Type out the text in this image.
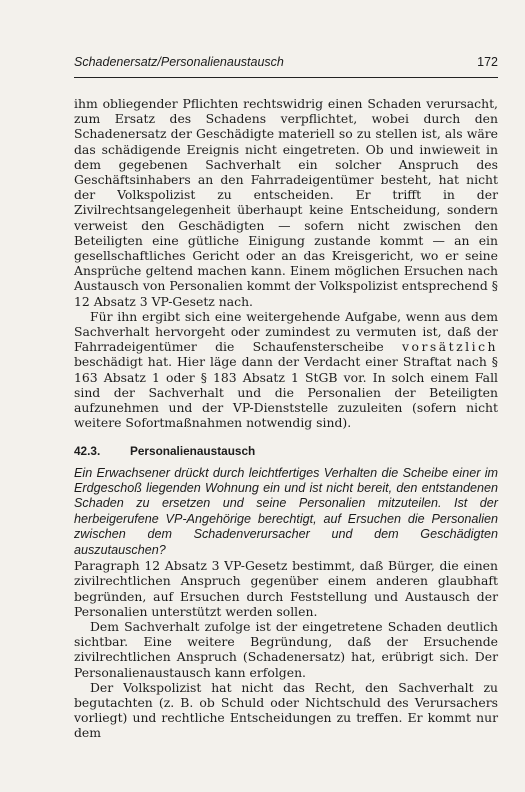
Schadenersatz/Personalienaustausch	172

ihm obliegender Pflichten rechtswidrig einen Schaden verursacht, zum Ersatz des Schadens verpflichtet, wobei durch den Schadenersatz der Geschädigte materiell so zu stellen ist, als wäre das schädigende Ereignis nicht eingetreten. Ob und inwieweit in dem gegebenen Sachverhalt ein solcher Anspruch des Geschäftsinhabers an den Fahrradeigentümer besteht, hat nicht der Volkspolizist zu entscheiden. Er trifft in der Zivilrechtsangelegenheit überhaupt keine Entscheidung, sondern verweist den Geschädigten — sofern nicht zwischen den Beteiligten eine gütliche Einigung zustande kommt — an ein gesellschaftliches Gericht oder an das Kreisgericht, wo er seine Ansprüche geltend machen kann. Einem möglichen Ersuchen nach Austausch von Personalien kommt der Volkspolizist entsprechend § 12 Absatz 3 VP-Gesetz nach.

Für ihn ergibt sich eine weitergehende Aufgabe, wenn aus dem Sachverhalt hervorgeht oder zumindest zu vermuten ist, daß der Fahrradeigentümer die Schaufensterscheibe vorsätzlich beschädigt hat. Hier läge dann der Verdacht einer Straftat nach § 163 Absatz 1 oder § 183 Absatz 1 StGB vor. In solch einem Fall sind der Sachverhalt und die Personalien der Beteiligten aufzunehmen und der VP-Dienststelle zuzuleiten (sofern nicht weitere Sofortmaßnahmen notwendig sind).

42.3.	Personalienaustausch

Ein Erwachsener drückt durch leichtfertiges Verhalten die Scheibe einer im Erdgeschoß liegenden Wohnung ein und ist nicht bereit, den entstandenen Schaden zu ersetzen und seine Personalien mitzuteilen. Ist der herbeigerufene VP-Angehörige berechtigt, auf Ersuchen die Personalien zwischen dem Schadenverursacher und dem Geschädigten auszutauschen?

Paragraph 12 Absatz 3 VP-Gesetz bestimmt, daß Bürger, die einen zivilrechtlichen Anspruch gegenüber einem anderen glaubhaft begründen, auf Ersuchen durch Feststellung und Austausch der Personalien unterstützt werden sollen.

Dem Sachverhalt zufolge ist der eingetretene Schaden deutlich sichtbar. Eine weitere Begründung, daß der Ersuchende zivilrechtlichen Anspruch (Schadenersatz) hat, erübrigt sich. Der Personalienaustausch kann erfolgen.

Der Volkspolizist hat nicht das Recht, den Sachverhalt zu begutachten (z. B. ob Schuld oder Nichtschuld des Verursachers vorliegt) und rechtliche Entscheidungen zu treffen. Er kommt nur dem
